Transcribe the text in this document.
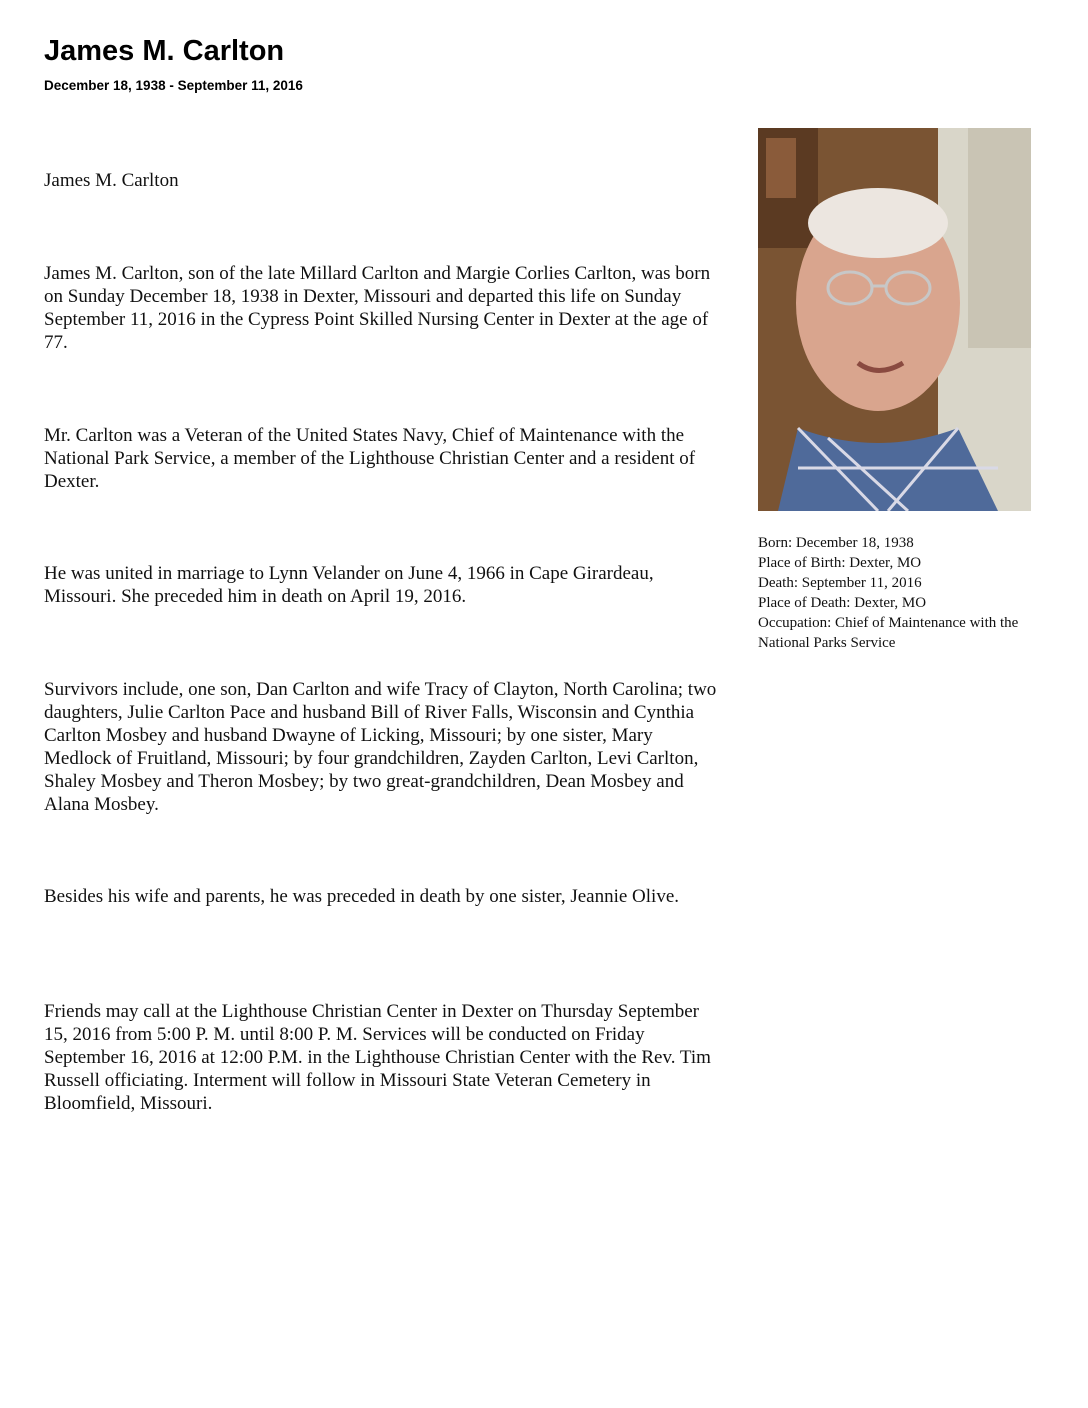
James M. Carlton
December 18, 1938 - September 11, 2016

James M. Carlton

James M. Carlton, son of the late Millard Carlton and Margie Corlies Carlton, was born on Sunday December 18, 1938 in Dexter, Missouri and departed this life on Sunday September 11, 2016 in the Cypress Point Skilled Nursing Center in Dexter at the age of 77.

Mr. Carlton was a Veteran of the United States Navy, Chief of Maintenance with the National Park Service, a member of the Lighthouse Christian Center and a resident of Dexter.

He was united in marriage to Lynn Velander on June 4, 1966 in Cape Girardeau, Missouri. She preceded him in death on April 19, 2016.

Survivors include, one son, Dan Carlton and wife Tracy of Clayton, North Carolina; two daughters, Julie Carlton Pace and husband Bill of River Falls, Wisconsin and Cynthia Carlton Mosbey and husband Dwayne of Licking, Missouri; by one sister, Mary Medlock of Fruitland, Missouri; by four grandchildren, Zayden Carlton, Levi Carlton, Shaley Mosbey and Theron Mosbey; by two great-grandchildren, Dean Mosbey and Alana Mosbey.

Besides his wife and parents, he was preceded in death by one sister, Jeannie Olive.

Friends may call at the Lighthouse Christian Center in Dexter on Thursday September 15, 2016 from 5:00 P. M. until 8:00 P. M. Services will be conducted on Friday September 16, 2016 at 12:00 P.M. in the Lighthouse Christian Center with the Rev. Tim Russell officiating. Interment will follow in Missouri State Veteran Cemetery in Bloomfield, Missouri.

Born: December 18, 1938
Place of Birth: Dexter, MO
Death: September 11, 2016
Place of Death: Dexter, MO
Occupation: Chief of Maintenance with the National Parks Service
